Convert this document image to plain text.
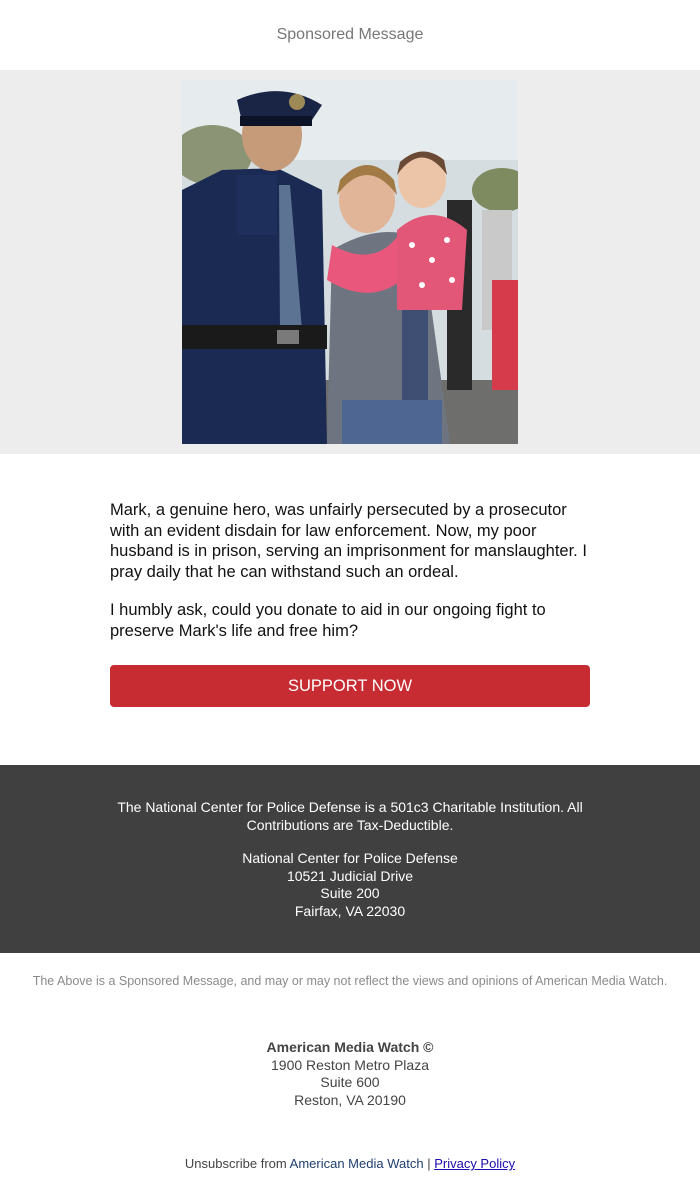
Sponsored Message

Mark, a genuine hero, was unfairly persecuted by a prosecutor with an evident disdain for law enforcement. Now, my poor husband is in prison, serving an imprisonment for manslaughter. I pray daily that he can withstand such an ordeal.

I humbly ask, could you donate to aid in our ongoing fight to preserve Mark's life and free him?

SUPPORT NOW
The National Center for Police Defense is a 501c3 Charitable Institution. All Contributions are Tax-Deductible.
National Center for Police Defense
10521 Judicial Drive
Suite 200
Fairfax, VA 22030
The Above is a Sponsored Message, and may or may not reflect the views and opinions of American Media Watch.
American Media Watch ©
1900 Reston Metro Plaza
Suite 600
Reston, VA 20190
Unsubscribe from American Media Watch | Privacy Policy
